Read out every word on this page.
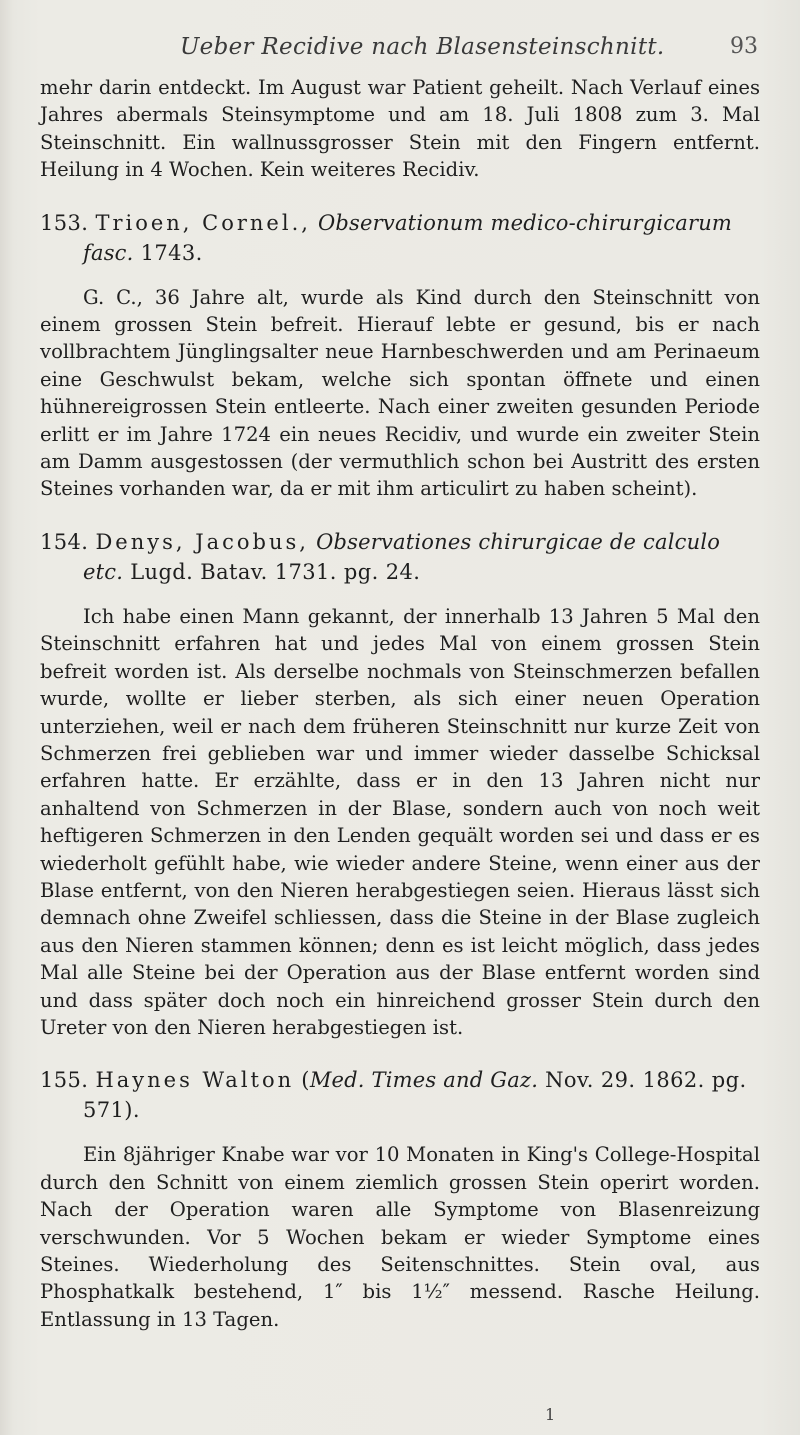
Ueber Recidive nach Blasensteinschnitt.	93

mehr darin entdeckt. Im August war Patient geheilt. Nach Verlauf eines Jahres abermals Steinsymptome und am 18. Juli 1808 zum 3. Mal Steinschnitt. Ein wallnussgrosser Stein mit den Fingern entfernt. Heilung in 4 Wochen. Kein weiteres Recidiv.

153. Trioen, Cornel., Observationum medico-chirurgicarum fasc. 1743.

G. C., 36 Jahre alt, wurde als Kind durch den Steinschnitt von einem grossen Stein befreit. Hierauf lebte er gesund, bis er nach vollbrachtem Jünglingsalter neue Harnbeschwerden und am Perinaeum eine Geschwulst bekam, welche sich spontan öffnete und einen hühnereigrossen Stein entleerte. Nach einer zweiten gesunden Periode erlitt er im Jahre 1724 ein neues Recidiv, und wurde ein zweiter Stein am Damm ausgestossen (der vermuthlich schon bei Austritt des ersten Steines vorhanden war, da er mit ihm articulirt zu haben scheint).

154. Denys, Jacobus, Observationes chirurgicae de calculo etc. Lugd. Batav. 1731. pg. 24.

Ich habe einen Mann gekannt, der innerhalb 13 Jahren 5 Mal den Steinschnitt erfahren hat und jedes Mal von einem grossen Stein befreit worden ist. Als derselbe nochmals von Steinschmerzen befallen wurde, wollte er lieber sterben, als sich einer neuen Operation unterziehen, weil er nach dem früheren Steinschnitt nur kurze Zeit von Schmerzen frei geblieben war und immer wieder dasselbe Schicksal erfahren hatte. Er erzählte, dass er in den 13 Jahren nicht nur anhaltend von Schmerzen in der Blase, sondern auch von noch weit heftigeren Schmerzen in den Lenden gequält worden sei und dass er es wiederholt gefühlt habe, wie wieder andere Steine, wenn einer aus der Blase entfernt, von den Nieren herabgestiegen seien. Hieraus lässt sich demnach ohne Zweifel schliessen, dass die Steine in der Blase zugleich aus den Nieren stammen können; denn es ist leicht möglich, dass jedes Mal alle Steine bei der Operation aus der Blase entfernt worden sind und dass später doch noch ein hinreichend grosser Stein durch den Ureter von den Nieren herabgestiegen ist.

155. Haynes Walton (Med. Times and Gaz. Nov. 29. 1862. pg. 571).

Ein 8jähriger Knabe war vor 10 Monaten in King's College-Hospital durch den Schnitt von einem ziemlich grossen Stein operirt worden. Nach der Operation waren alle Symptome von Blasenreizung verschwunden. Vor 5 Wochen bekam er wieder Symptome eines Steines. Wiederholung des Seitenschnittes. Stein oval, aus Phosphatkalk bestehend, 1″ bis 1½″ messend. Rasche Heilung. Entlassung in 13 Tagen.

1
